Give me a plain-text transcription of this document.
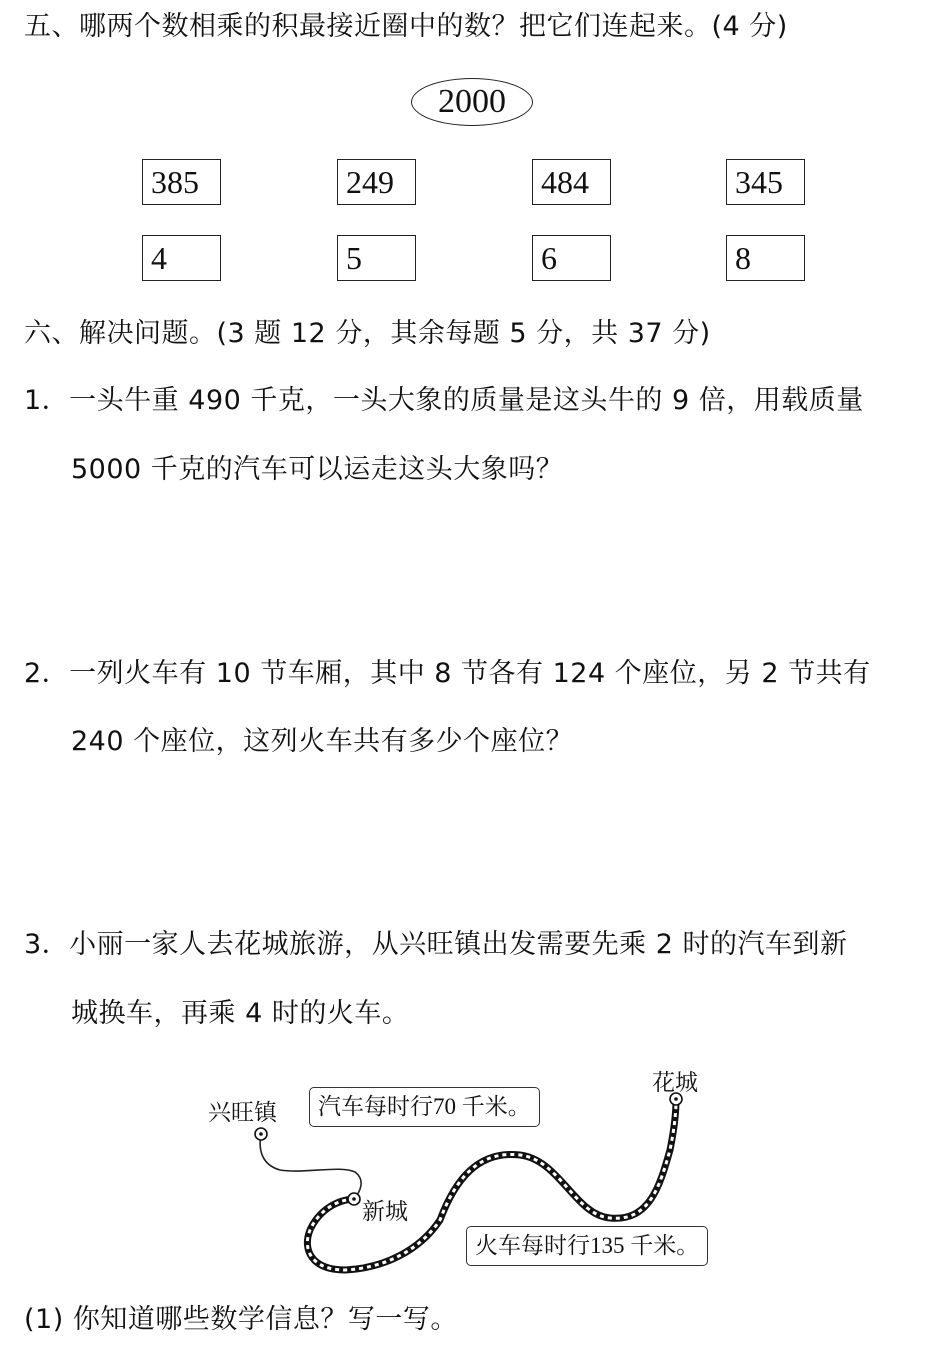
五、哪两个数相乘的积最接近圈中的数？把它们连起来。(4 分)
2000
385	249	484	345
4	5	6	8
六、解决问题。(3 题 12 分，其余每题 5 分，共 37 分)
1．一头牛重 490 千克，一头大象的质量是这头牛的 9 倍，用载质量
5000 千克的汽车可以运走这头大象吗？
2．一列火车有 10 节车厢，其中 8 节各有 124 个座位，另 2 节共有
240 个座位，这列火车共有多少个座位？
3．小丽一家人去花城旅游，从兴旺镇出发需要先乘 2 时的汽车到新
城换车，再乘 4 时的火车。
兴旺镇
新城
花城
汽车每时行70 千米。
火车每时行135 千米。
(1) 你知道哪些数学信息？写一写。
